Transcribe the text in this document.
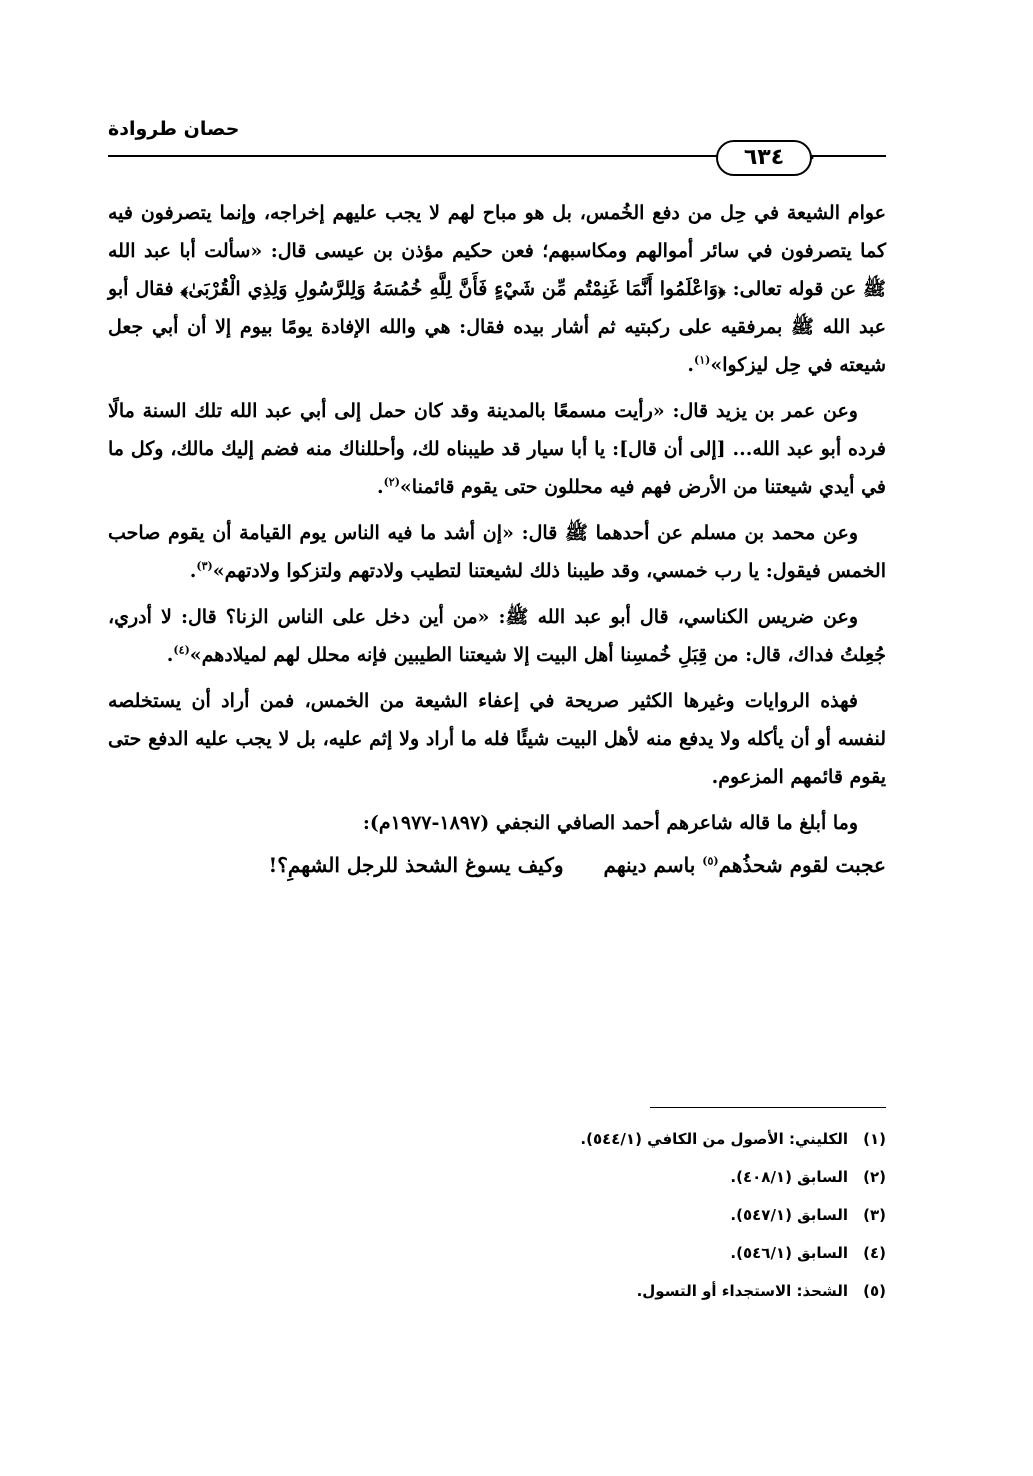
حصان طروادة
٦٣٤

عوام الشيعة في حِل من دفع الخُمس، بل هو مباح لهم لا يجب عليهم إخراجه، وإنما يتصرفون فيه كما يتصرفون في سائر أموالهم ومكاسبهم؛ فعن حكيم مؤذن بن عيسى قال: «سألت أبا عبد الله ﷺ عن قوله تعالى: ﴿وَاعْلَمُوا أَنَّمَا غَنِمْتُم مِّن شَيْءٍ فَأَنَّ لِلَّهِ خُمُسَهُ وَلِلرَّسُولِ وَلِذِي الْقُرْبَىٰ﴾ فقال أبو عبد الله ﷺ بمرفقيه على ركبتيه ثم أشار بيده فقال: هي والله الإفادة يومًا بيوم إلا أن أبي جعل شيعته في حِل ليزكوا»$^{(١)}$.

وعن عمر بن يزيد قال: «رأيت مسمعًا بالمدينة وقد كان حمل إلى أبي عبد الله تلك السنة مالًا فرده أبو عبد الله... [إلى أن قال]: يا أبا سيار قد طيبناه لك، وأحللناك منه فضم إليك مالك، وكل ما في أيدي شيعتنا من الأرض فهم فيه محللون حتى يقوم قائمنا»$^{(٢)}$.

وعن محمد بن مسلم عن أحدهما ﷺ قال: «إن أشد ما فيه الناس يوم القيامة أن يقوم صاحب الخمس فيقول: يا رب خمسي، وقد طيبنا ذلك لشيعتنا لتطيب ولادتهم ولتزكوا ولادتهم»$^{(٣)}$.

وعن ضريس الكناسي، قال أبو عبد الله ﷺ: «من أين دخل على الناس الزنا؟ قال: لا أدري، جُعِلتُ فداك، قال: من قِبَلِ خُمسِنا أهل البيت إلا شيعتنا الطيبين فإنه محلل لهم لميلادهم»$^{(٤)}$.

فهذه الروايات وغيرها الكثير صريحة في إعفاء الشيعة من الخمس، فمن أراد أن يستخلصه لنفسه أو أن يأكله ولا يدفع منه لأهل البيت شيئًا فله ما أراد ولا إثم عليه، بل لا يجب عليه الدفع حتى يقوم قائمهم المزعوم.

وما أبلغ ما قاله شاعرهم أحمد الصافي النجفي (١٨٩٧-١٩٧٧م):

عجبت لقوم شحذُهم$^{(٥)}$ باسم دينهم
وكيف يسوغ الشحذ للرجل الشهمِ؟!
(١)الكليني: الأصول من الكافي (٥٤٤/١).
(٢)السابق (٤٠٨/١).
(٣)السابق (٥٤٧/١).
(٤)السابق (٥٤٦/١).
(٥)الشحذ: الاستجداء أو التسول.
